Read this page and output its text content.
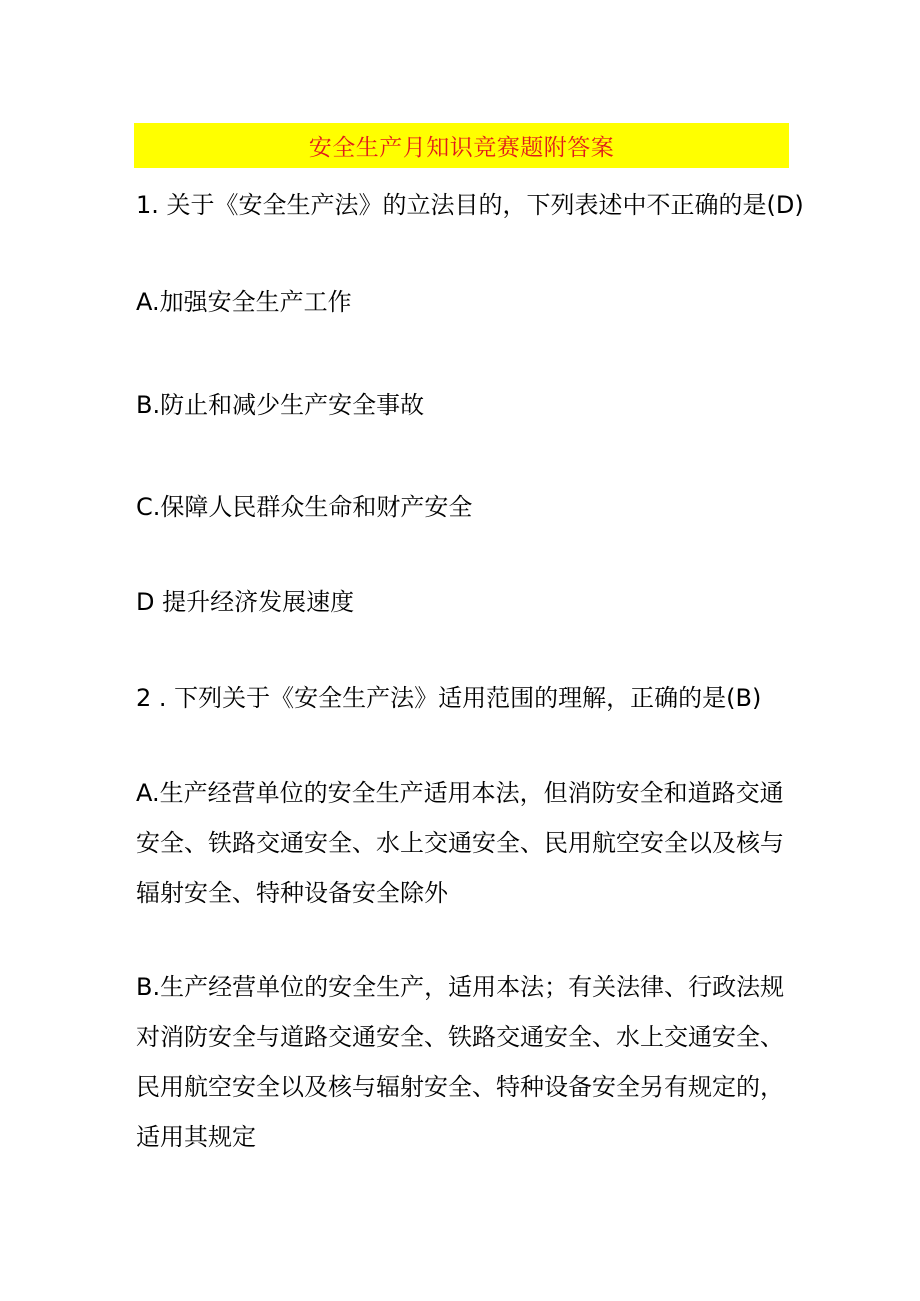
安全生产月知识竞赛题附答案
1. 关于《安全生产法》的立法目的，下列表述中不正确的是(D)
A.加强安全生产工作
B.防止和减少生产安全事故
C.保障人民群众生命和财产安全
D 提升经济发展速度
2 . 下列关于《安全生产法》适用范围的理解，正确的是(B)
A.生产经营单位的安全生产适用本法，但消防安全和道路交通安全、铁路交通安全、水上交通安全、民用航空安全以及核与辐射安全、特种设备安全除外
B.生产经营单位的安全生产，适用本法；有关法律、行政法规对消防安全与道路交通安全、铁路交通安全、水上交通安全、民用航空安全以及核与辐射安全、特种设备安全另有规定的，适用其规定
